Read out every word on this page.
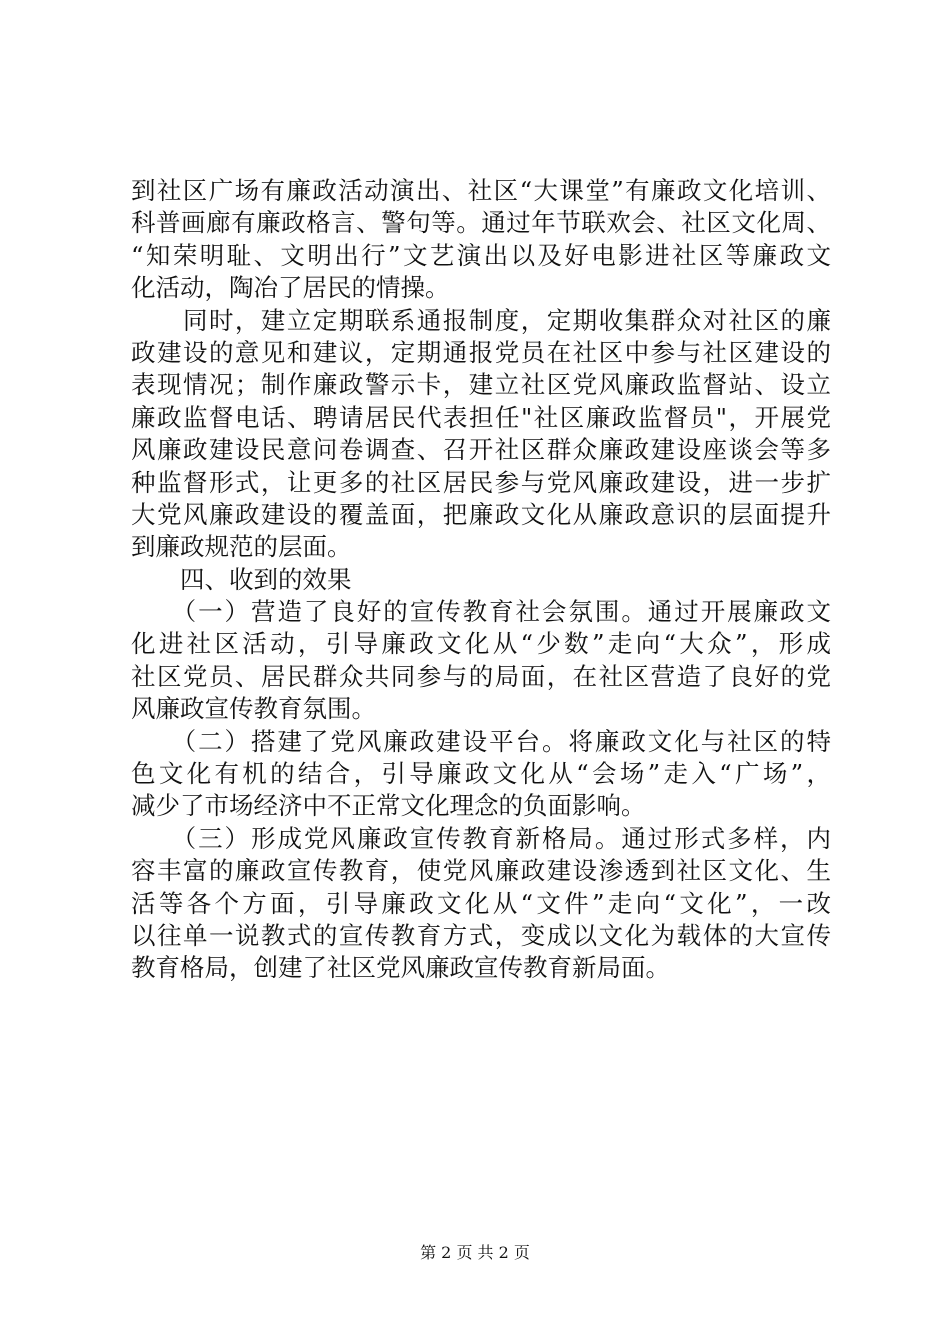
到社区广场有廉政活动演出、社区“大课堂”有廉政文化培训、
科普画廊有廉政格言、警句等。通过年节联欢会、社区文化周、
“知荣明耻、文明出行”文艺演出以及好电影进社区等廉政文
化活动，陶冶了居民的情操。
　　同时，建立定期联系通报制度，定期收集群众对社区的廉
政建设的意见和建议，定期通报党员在社区中参与社区建设的
表现情况；制作廉政警示卡，建立社区党风廉政监督站、设立
廉政监督电话、聘请居民代表担任"社区廉政监督员"，开展党
风廉政建设民意问卷调查、召开社区群众廉政建设座谈会等多
种监督形式，让更多的社区居民参与党风廉政建设，进一步扩
大党风廉政建设的覆盖面，把廉政文化从廉政意识的层面提升
到廉政规范的层面。
　　四、收到的效果
　　（一）营造了良好的宣传教育社会氛围。通过开展廉政文
化进社区活动，引导廉政文化从“少数”走向“大众”，形成
社区党员、居民群众共同参与的局面，在社区营造了良好的党
风廉政宣传教育氛围。
　　（二）搭建了党风廉政建设平台。将廉政文化与社区的特
色文化有机的结合，引导廉政文化从“会场”走入“广场”，
减少了市场经济中不正常文化理念的负面影响。
　　（三）形成党风廉政宣传教育新格局。通过形式多样，内
容丰富的廉政宣传教育，使党风廉政建设渗透到社区文化、生
活等各个方面，引导廉政文化从“文件”走向“文化”，一改
以往单一说教式的宣传教育方式，变成以文化为载体的大宣传
教育格局，创建了社区党风廉政宣传教育新局面。
第 2 页 共 2 页
